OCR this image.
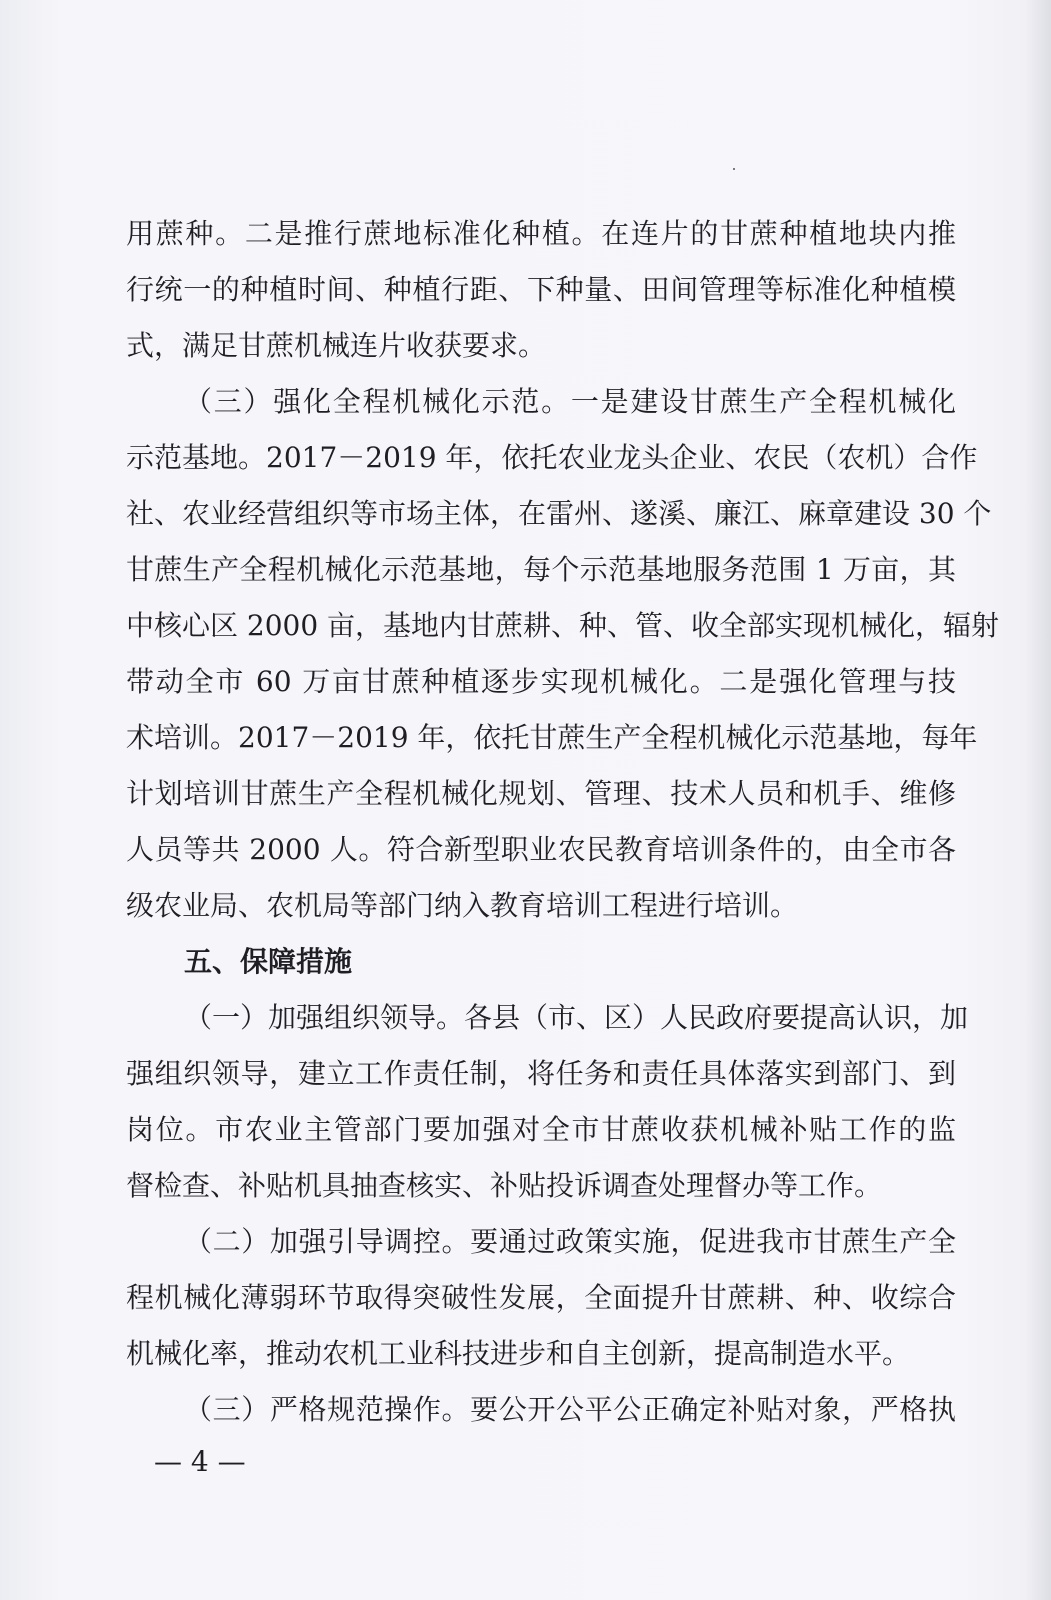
用蔗种。二是推行蔗地标准化种植。在连片的甘蔗种植地块内推
行统一的种植时间、种植行距、下种量、田间管理等标准化种植模
式，满足甘蔗机械连片收获要求。
（三）强化全程机械化示范。一是建设甘蔗生产全程机械化
示范基地。2017－2019 年，依托农业龙头企业、农民（农机）合作
社、农业经营组织等市场主体，在雷州、遂溪、廉江、麻章建设 30 个
甘蔗生产全程机械化示范基地，每个示范基地服务范围 1 万亩，其
中核心区 2000 亩，基地内甘蔗耕、种、管、收全部实现机械化，辐射
带动全市 60 万亩甘蔗种植逐步实现机械化。二是强化管理与技
术培训。2017－2019 年，依托甘蔗生产全程机械化示范基地，每年
计划培训甘蔗生产全程机械化规划、管理、技术人员和机手、维修
人员等共 2000 人。符合新型职业农民教育培训条件的，由全市各
级农业局、农机局等部门纳入教育培训工程进行培训。
五、保障措施
（一）加强组织领导。各县（市、区）人民政府要提高认识，加
强组织领导，建立工作责任制，将任务和责任具体落实到部门、到
岗位。市农业主管部门要加强对全市甘蔗收获机械补贴工作的监
督检查、补贴机具抽查核实、补贴投诉调查处理督办等工作。
（二）加强引导调控。要通过政策实施，促进我市甘蔗生产全
程机械化薄弱环节取得突破性发展，全面提升甘蔗耕、种、收综合
机械化率，推动农机工业科技进步和自主创新，提高制造水平。
（三）严格规范操作。要公开公平公正确定补贴对象，严格执
— 4 —
